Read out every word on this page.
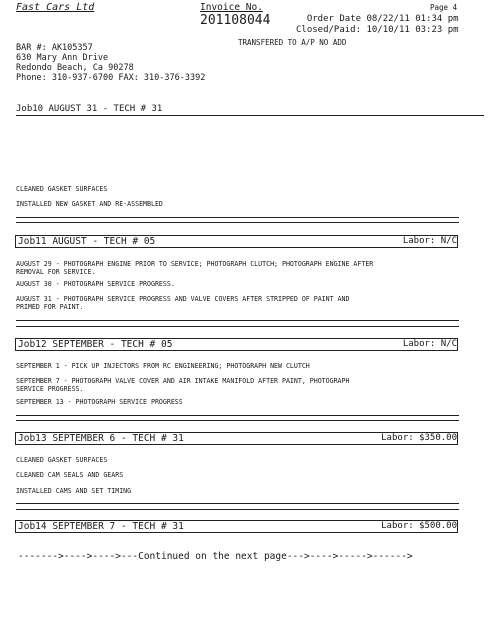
Fast Cars Ltd	Invoice No.
201108044
Page 4
Order Date 08/22/11 01:34 pm
Closed/Paid: 10/10/11 03:23 pm
TRANSFERED TO A/P NO ADD
BAR #: AK105357
630 Mary Ann Drive
Redondo Beach, Ca 90278
Phone: 310-937-6700 FAX: 310-376-3392
Job10 AUGUST 31 - TECH # 31
CLEANED GASKET SURFACES
INSTALLED NEW GASKET AND RE-ASSEMBLED
Job11 AUGUST - TECH # 05	Labor: N/C
AUGUST 29 - PHOTOGRAPH ENGINE PRIOR TO SERVICE; PHOTOGRAPH CLUTCH; PHOTOGRAPH ENGINE AFTER
REMOVAL FOR SERVICE.
AUGUST 30 - PHOTOGRAPH SERVICE PROGRESS.
AUGUST 31 - PHOTOGRAPH SERVICE PROGRESS AND VALVE COVERS AFTER STRIPPED OF PAINT AND
PRIMED FOR PAINT.
Job12 SEPTEMBER - TECH # 05	Labor: N/C
SEPTEMBER 1 - PICK UP INJECTORS FROM RC ENGINEERING; PHOTOGRAPH NEW CLUTCH
SEPTEMBER 7 - PHOTOGRAPH VALVE COVER AND AIR INTAKE MANIFOLD AFTER PAINT, PHOTOGRAPH
SERVICE PROGRESS.
SEPTEMBER 13 - PHOTOGRAPH SERVICE PROGRESS
Job13 SEPTEMBER 6 - TECH # 31	Labor: $350.00
CLEANED GASKET SURFACES
CLEANED CAM SEALS AND GEARS
INSTALLED CAMS AND SET TIMING
Job14 SEPTEMBER 7 - TECH # 31	Labor: $500.00
------->---->---->---Continued on the next page--->---->----->------>
